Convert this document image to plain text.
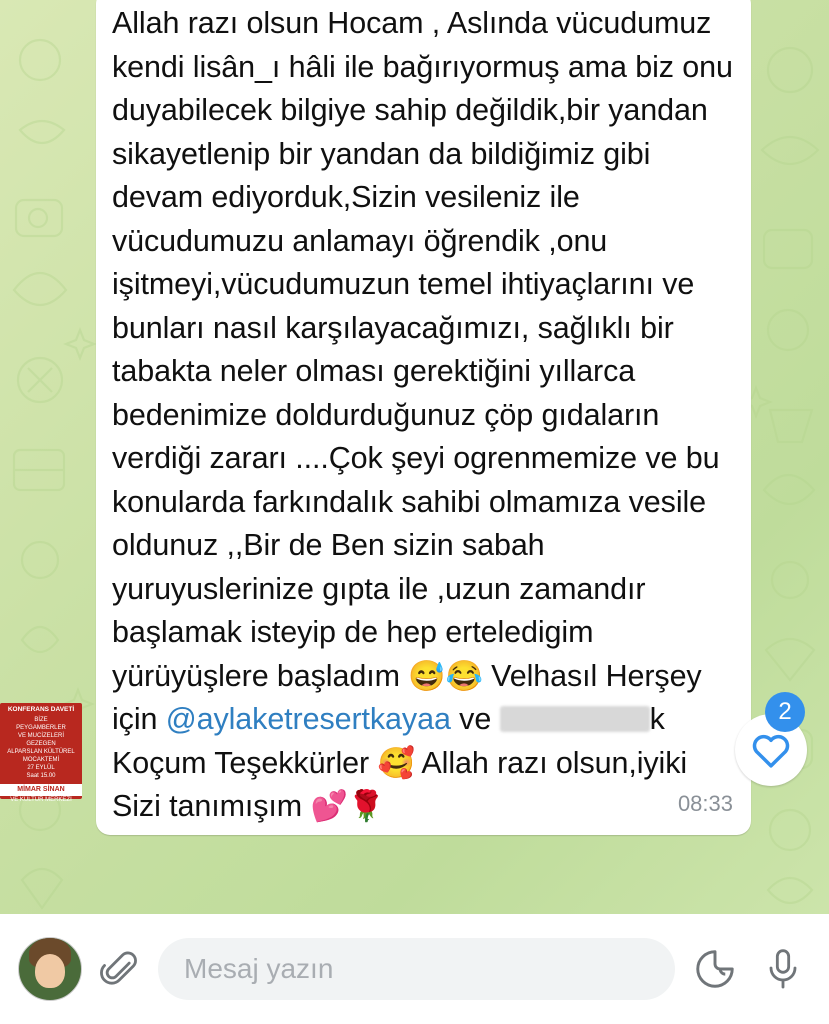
Allah razı olsun Hocam , Aslında vücudumuz kendi lisân_ı hâli ile bağırıyormuş ama biz onu duyabilecek bilgiye sahip değildik,bir yandan sikayetlenip bir yandan da bildiğimiz gibi devam ediyorduk,Sizin vesileniz ile vücudumuzu anlamayı öğrendik ,onu işitmeyi,vücudumuzun temel ihtiyaçlarını ve bunları nasıl karşılayacağımızı, sağlıklı bir tabakta neler olması gerektiğini yıllarca bedenimize doldurduğunuz çöp gıdaların verdiği zararı ....Çok şeyi ogrenmemize ve bu konularda farkındalık sahibi olmamıza vesile oldunuz ,,Bir de Ben sizin sabah yuruyuslerinize gıpta ile ,uzun zamandır başlamak isteyip de hep erteledigim yürüyüşlere başladım 😅😂 Velhasıl Herşey için @aylaketresertkayaa ve	k Koçum Teşekkürler 🥰 Allah razı olsun,iyiki Sizi tanımışım 💕🌹	08:33
KONFERANS DAVETİ
BİZE
PEYGAMBERLER
VE MUCİZELERİ
GEZEGEN
ALPARSLAN KÜLTÜREL
MOCAKTEMİ
27 EYLÜL
Saat 15.00
MİMAR SİNAN
VE KÜLTÜR MERKEZİ
2
Mesaj yazın
